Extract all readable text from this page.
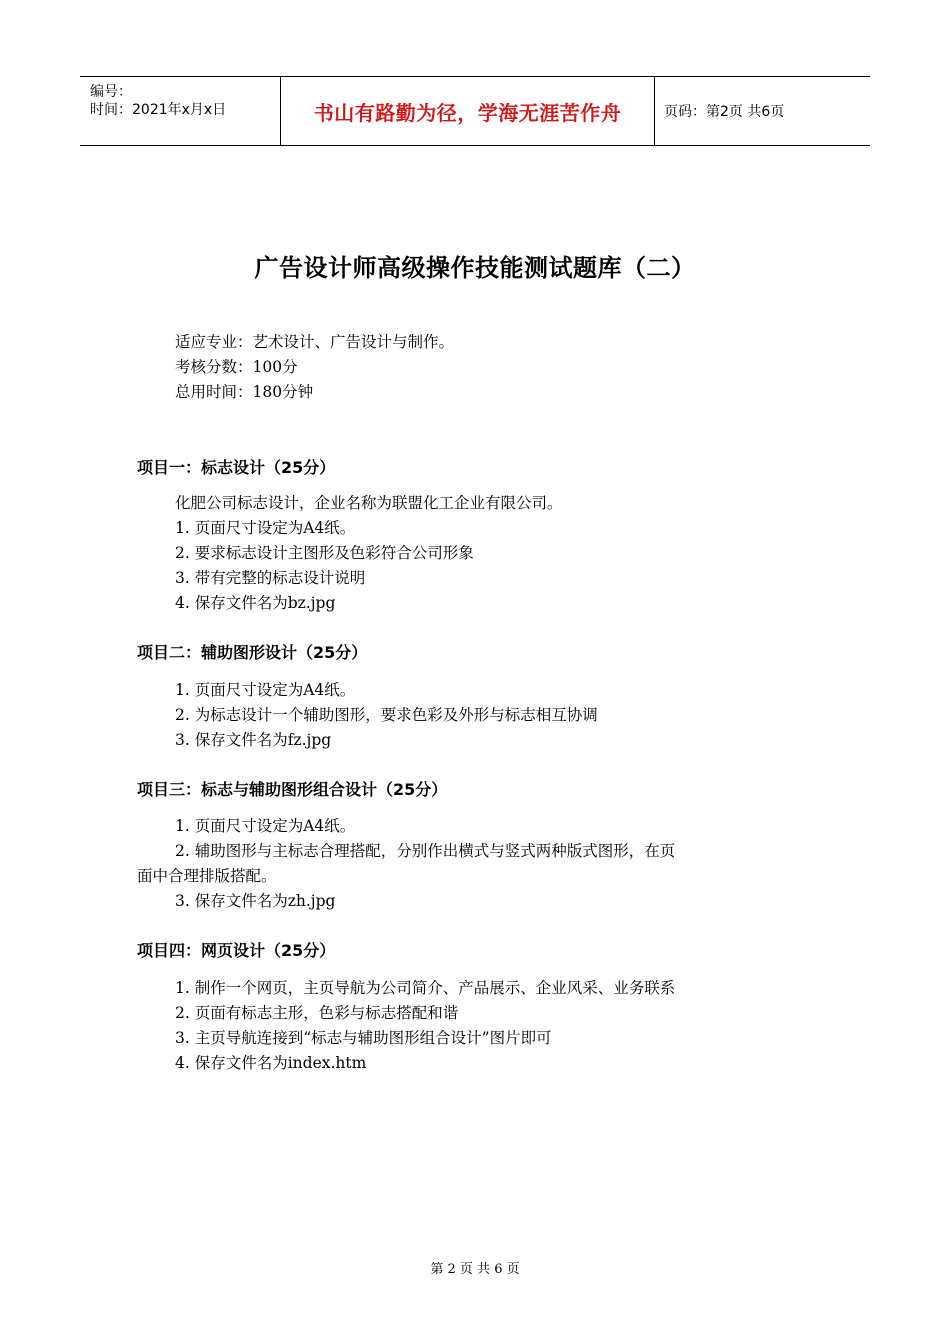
编号：
时间：2021年x月x日	书山有路勤为径，学海无涯苦作舟	页码：第2页 共6页
广告设计师高级操作技能测试题库（二）
适应专业：艺术设计、广告设计与制作。
考核分数：100分
总用时间：180分钟
项目一：标志设计（25分）
化肥公司标志设计，企业名称为联盟化工企业有限公司。
1. 页面尺寸设定为A4纸。
2. 要求标志设计主图形及色彩符合公司形象
3. 带有完整的标志设计说明
4. 保存文件名为bz.jpg
项目二：辅助图形设计（25分）
1. 页面尺寸设定为A4纸。
2. 为标志设计一个辅助图形，要求色彩及外形与标志相互协调
3. 保存文件名为fz.jpg
项目三：标志与辅助图形组合设计（25分）
1. 页面尺寸设定为A4纸。
2. 辅助图形与主标志合理搭配，分别作出横式与竖式两种版式图形，在页
面中合理排版搭配。
3. 保存文件名为zh.jpg
项目四：网页设计（25分）
1. 制作一个网页，主页导航为公司简介、产品展示、企业风采、业务联系
2. 页面有标志主形，色彩与标志搭配和谐
3. 主页导航连接到“标志与辅助图形组合设计”图片即可
4. 保存文件名为index.htm
第 2 页 共 6 页
